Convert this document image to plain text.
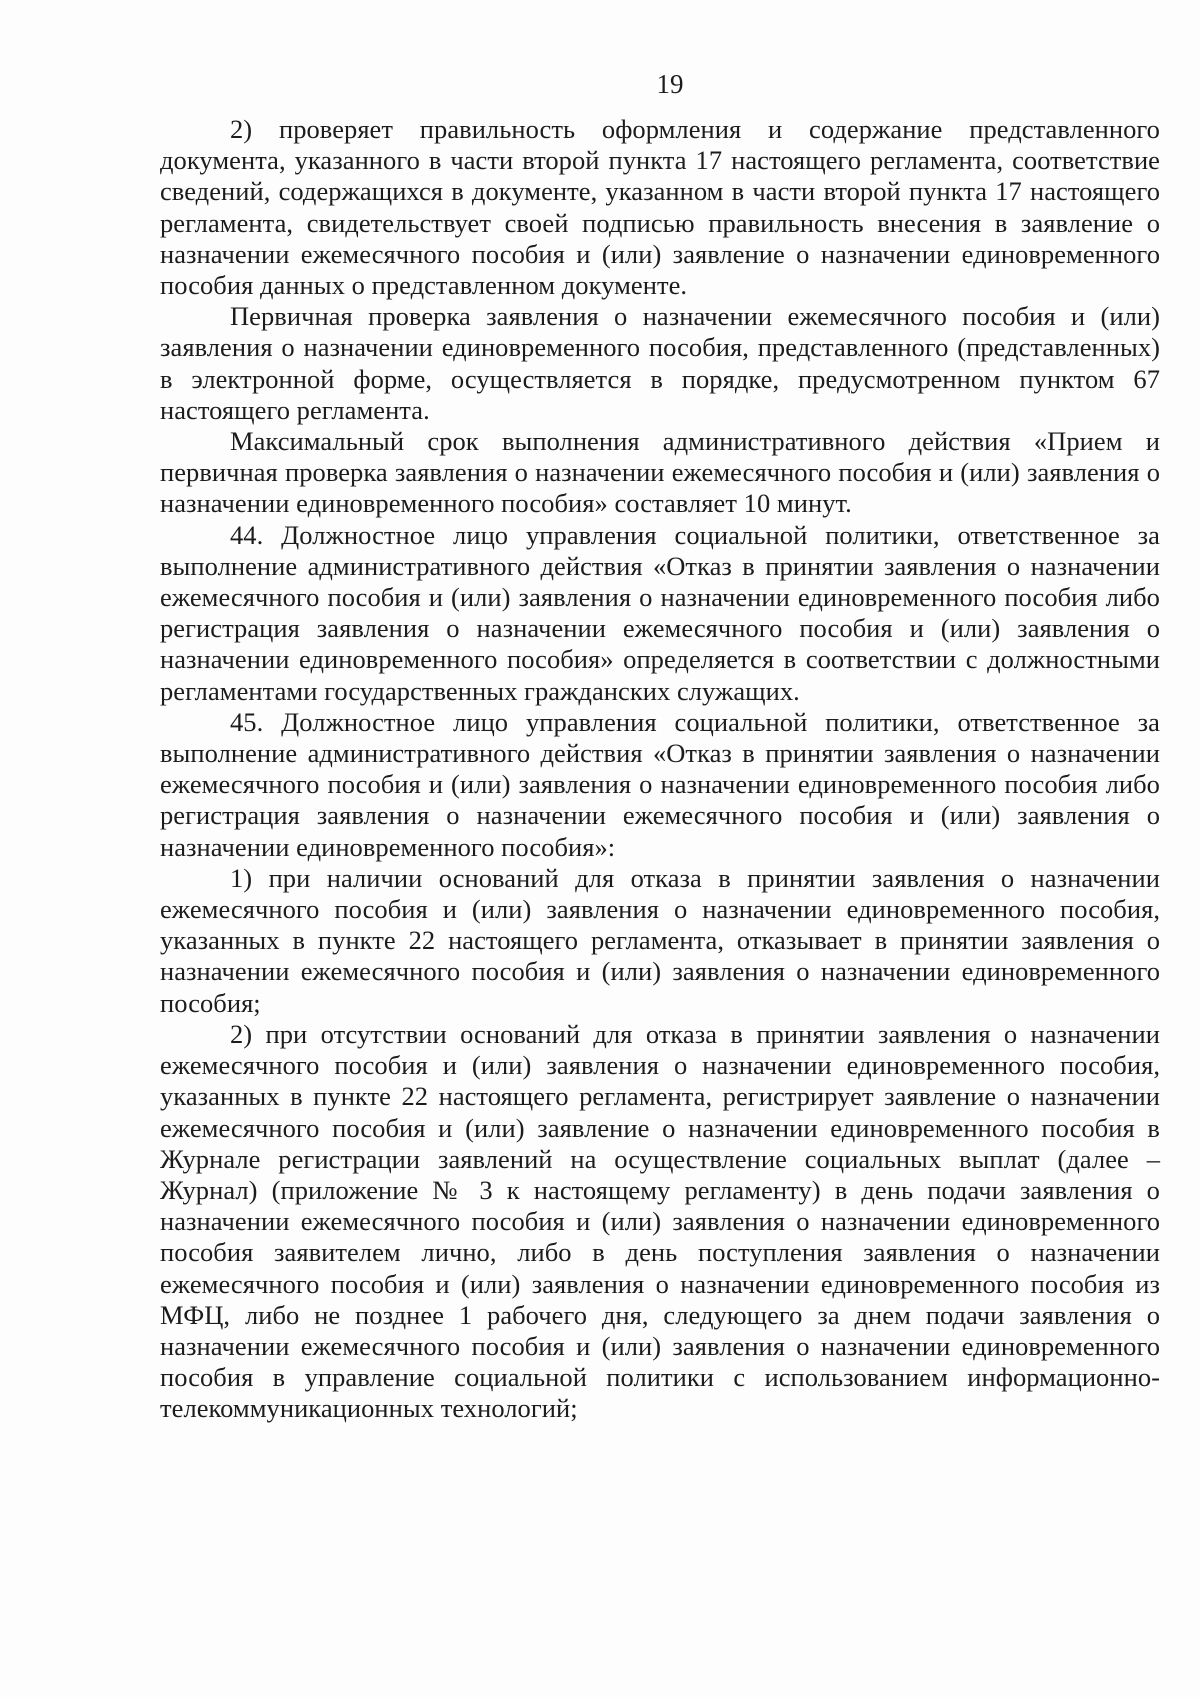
19

2) проверяет правильность оформления и содержание представленного документа, указанного в части второй пункта 17 настоящего регламента, соответствие сведений, содержащихся в документе, указанном в части второй пункта 17 настоящего регламента, свидетельствует своей подписью правильность внесения в заявление о назначении ежемесячного пособия и (или) заявление о назначении единовременного пособия данных о представленном документе.

Первичная проверка заявления о назначении ежемесячного пособия и (или) заявления о назначении единовременного пособия, представленного (представленных) в электронной форме, осуществляется в порядке, предусмотренном пунктом 67 настоящего регламента.

Максимальный срок выполнения административного действия «Прием и первичная проверка заявления о назначении ежемесячного пособия и (или) заявления о назначении единовременного пособия» составляет 10 минут.

44. Должностное лицо управления социальной политики, ответственное за выполнение административного действия «Отказ в принятии заявления о назначении ежемесячного пособия и (или) заявления о назначении единовременного пособия либо регистрация заявления о назначении ежемесячного пособия и (или) заявления о назначении единовременного пособия» определяется в соответствии с должностными регламентами государственных гражданских служащих.

45. Должностное лицо управления социальной политики, ответственное за выполнение административного действия «Отказ в принятии заявления о назначении ежемесячного пособия и (или) заявления о назначении единовременного пособия либо регистрация заявления о назначении ежемесячного пособия и (или) заявления о назначении единовременного пособия»:

1) при наличии оснований для отказа в принятии заявления о назначении ежемесячного пособия и (или) заявления о назначении единовременного пособия, указанных в пункте 22 настоящего регламента, отказывает в принятии заявления о назначении ежемесячного пособия и (или) заявления о назначении единовременного пособия;

2) при отсутствии оснований для отказа в принятии заявления о назначении ежемесячного пособия и (или) заявления о назначении единовременного пособия, указанных в пункте 22 настоящего регламента, регистрирует заявление о назначении ежемесячного пособия и (или) заявление о назначении единовременного пособия в Журнале регистрации заявлений на осуществление социальных выплат (далее – Журнал) (приложение № 3 к настоящему регламенту) в день подачи заявления о назначении ежемесячного пособия и (или) заявления о назначении единовременного пособия заявителем лично, либо в день поступления заявления о назначении ежемесячного пособия и (или) заявления о назначении единовременного пособия из МФЦ, либо не позднее 1 рабочего дня, следующего за днем подачи заявления о назначении ежемесячного пособия и (или) заявления о назначении единовременного пособия в управление социальной политики с использованием информационно-телекоммуникационных технологий;
